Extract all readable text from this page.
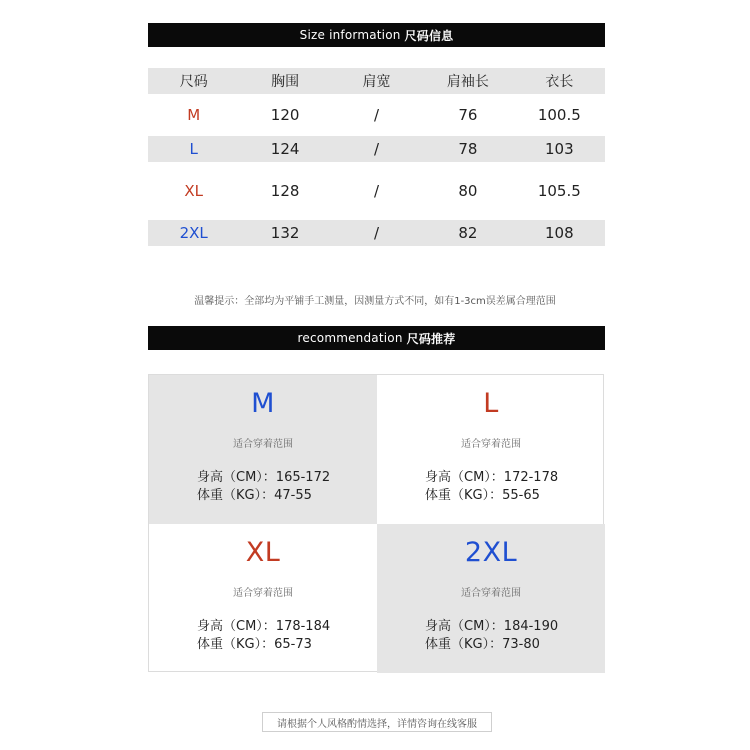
Size information 尺码信息
尺码	胸围	肩宽	肩袖长	衣长
M	120	/	76	100.5
L	124	/	78	103
XL	128	/	80	105.5
2XL	132	/	82	108
温馨提示：全部均为平铺手工测量，因测量方式不同，如有1-3cm误差属合理范围
recommendation 尺码推荐
M
适合穿着范围
身高（CM）：165-172
体重（KG）：47-55
L
适合穿着范围
身高（CM）：172-178
体重（KG）：55-65
XL
适合穿着范围
身高（CM）：178-184
体重（KG）：65-73
2XL
适合穿着范围
身高（CM）：184-190
体重（KG）：73-80
请根据个人风格酌情选择，详情咨询在线客服
